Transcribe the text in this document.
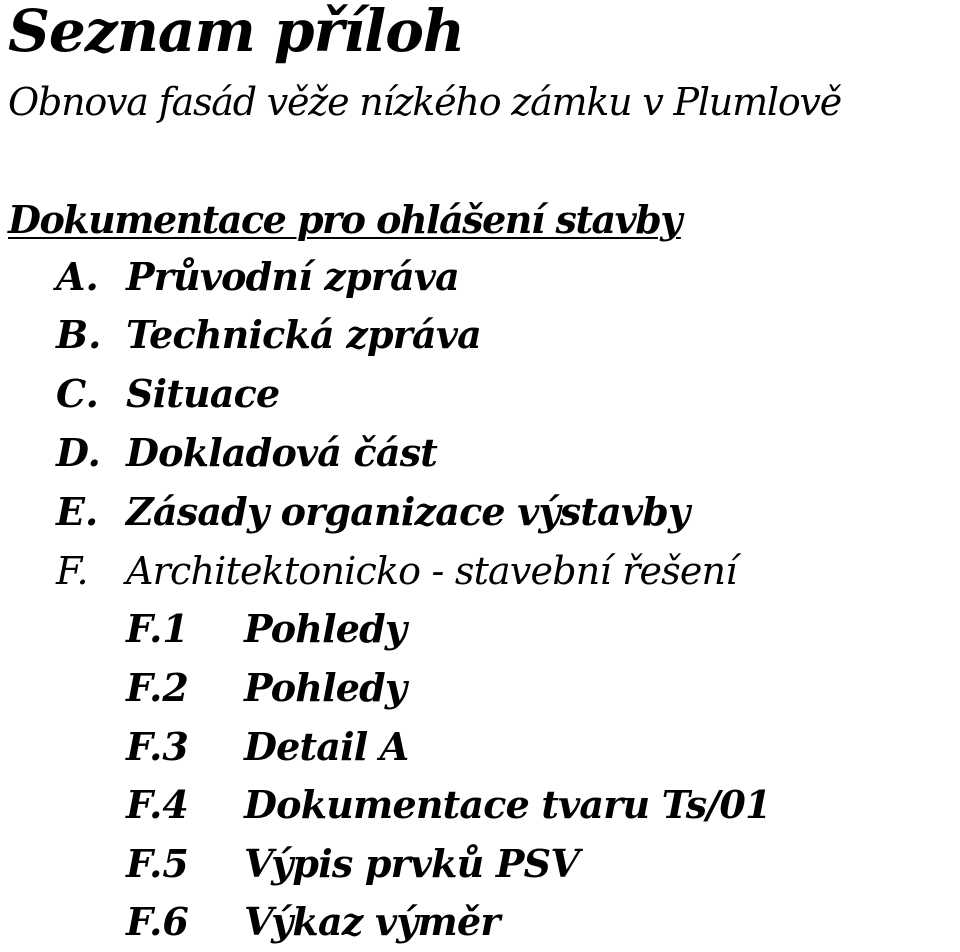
Seznam příloh
Obnova fasád věže nízkého zámku v Plumlově
Dokumentace pro ohlášení stavby
A. Průvodní zpráva
B. Technická zpráva
C. Situace
D. Dokladová část
E. Zásady organizace výstavby
F. Architektonicko - stavební řešení
F.1 Pohledy
F.2 Pohledy
F.3 Detail A
F.4 Dokumentace tvaru Ts/01
F.5 Výpis prvků PSV
F.6 Výkaz výměr
